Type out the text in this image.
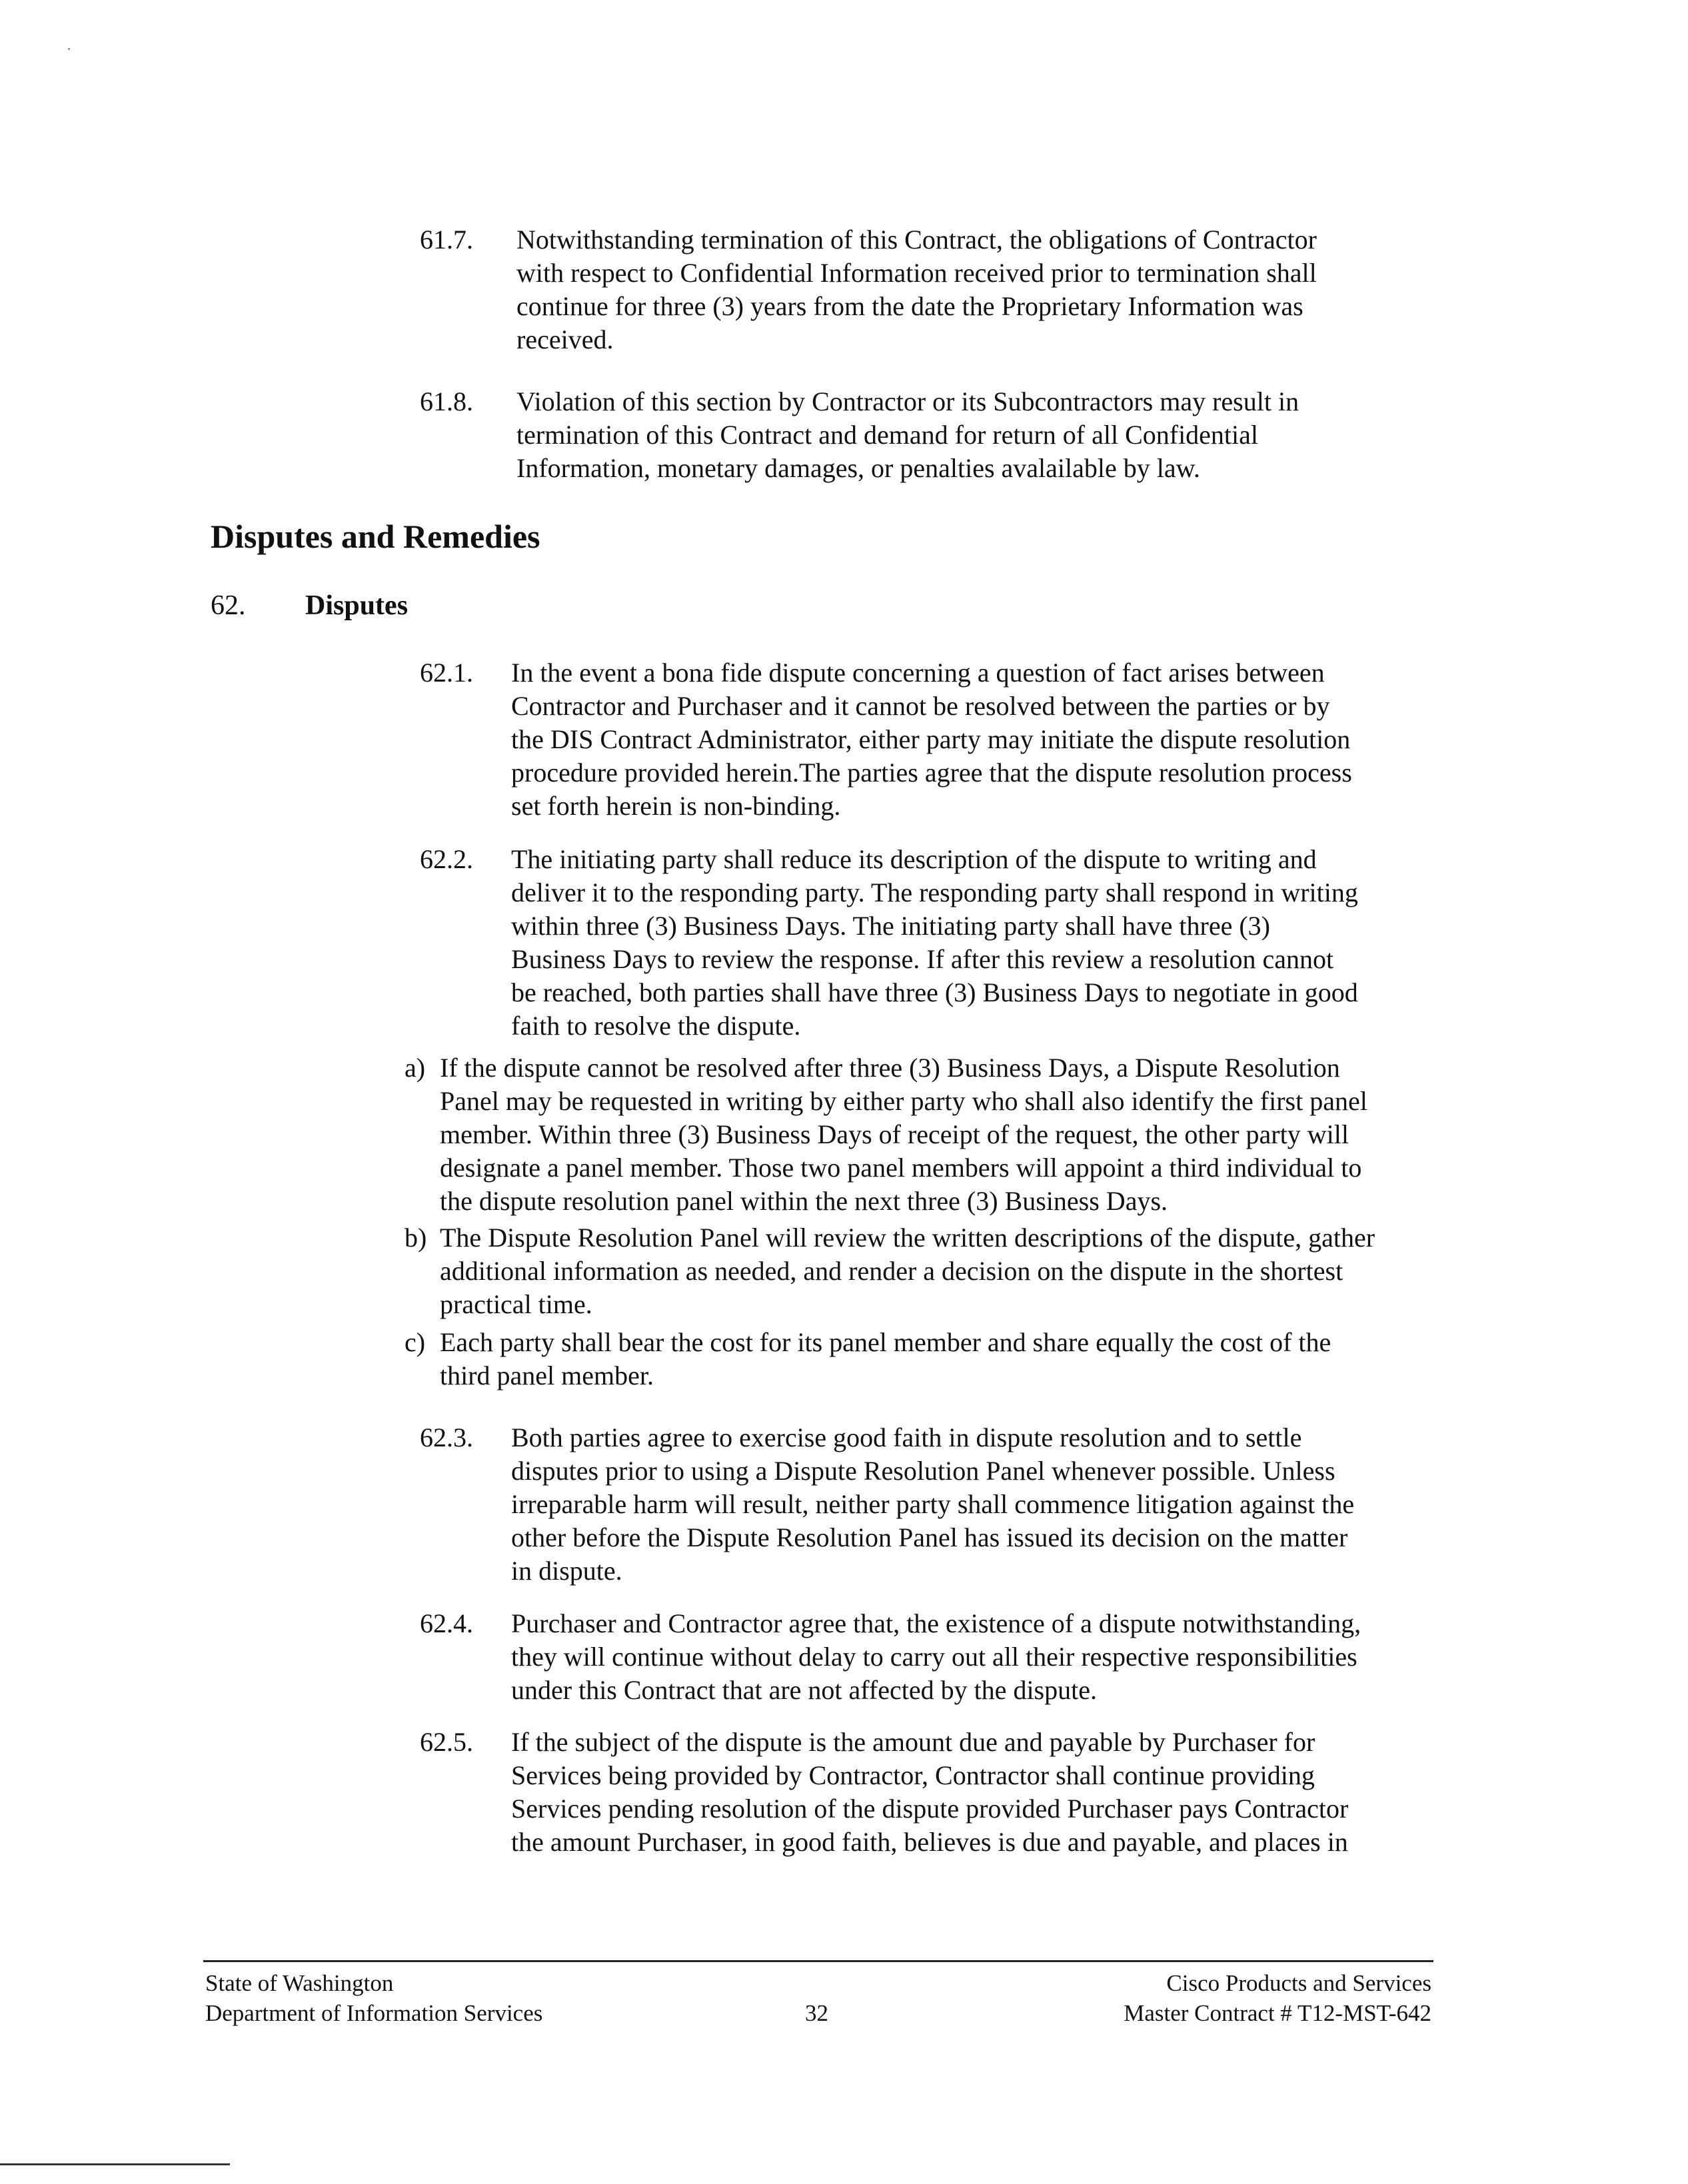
61.7. Notwithstanding termination of this Contract, the obligations of Contractor
with respect to Confidential Information received prior to termination shall
continue for three (3) years from the date the Proprietary Information was
received.
61.8. Violation of this section by Contractor or its Subcontractors may result in
termination of this Contract and demand for return of all Confidential
Information, monetary damages, or penalties avalailable by law.
Disputes and Remedies
62. Disputes
62.1. In the event a bona fide dispute concerning a question of fact arises between
Contractor and Purchaser and it cannot be resolved between the parties or by
the DIS Contract Administrator, either party may initiate the dispute resolution
procedure provided herein.The parties agree that the dispute resolution process
set forth herein is non-binding.
62.2. The initiating party shall reduce its description of the dispute to writing and
deliver it to the responding party. The responding party shall respond in writing
within three (3) Business Days. The initiating party shall have three (3)
Business Days to review the response. If after this review a resolution cannot
be reached, both parties shall have three (3) Business Days to negotiate in good
faith to resolve the dispute.
a) If the dispute cannot be resolved after three (3) Business Days, a Dispute Resolution
Panel may be requested in writing by either party who shall also identify the first panel
member. Within three (3) Business Days of receipt of the request, the other party will
designate a panel member. Those two panel members will appoint a third individual to
the dispute resolution panel within the next three (3) Business Days.
b) The Dispute Resolution Panel will review the written descriptions of the dispute, gather
additional information as needed, and render a decision on the dispute in the shortest
practical time.
c) Each party shall bear the cost for its panel member and share equally the cost of the
third panel member.
62.3. Both parties agree to exercise good faith in dispute resolution and to settle
disputes prior to using a Dispute Resolution Panel whenever possible. Unless
irreparable harm will result, neither party shall commence litigation against the
other before the Dispute Resolution Panel has issued its decision on the matter
in dispute.
62.4. Purchaser and Contractor agree that, the existence of a dispute notwithstanding,
they will continue without delay to carry out all their respective responsibilities
under this Contract that are not affected by the dispute.
62.5. If the subject of the dispute is the amount due and payable by Purchaser for
Services being provided by Contractor, Contractor shall continue providing
Services pending resolution of the dispute provided Purchaser pays Contractor
the amount Purchaser, in good faith, believes is due and payable, and places in
State of Washington
Department of Information Services	32
Cisco Products and Services
Master Contract # T12-MST-642
